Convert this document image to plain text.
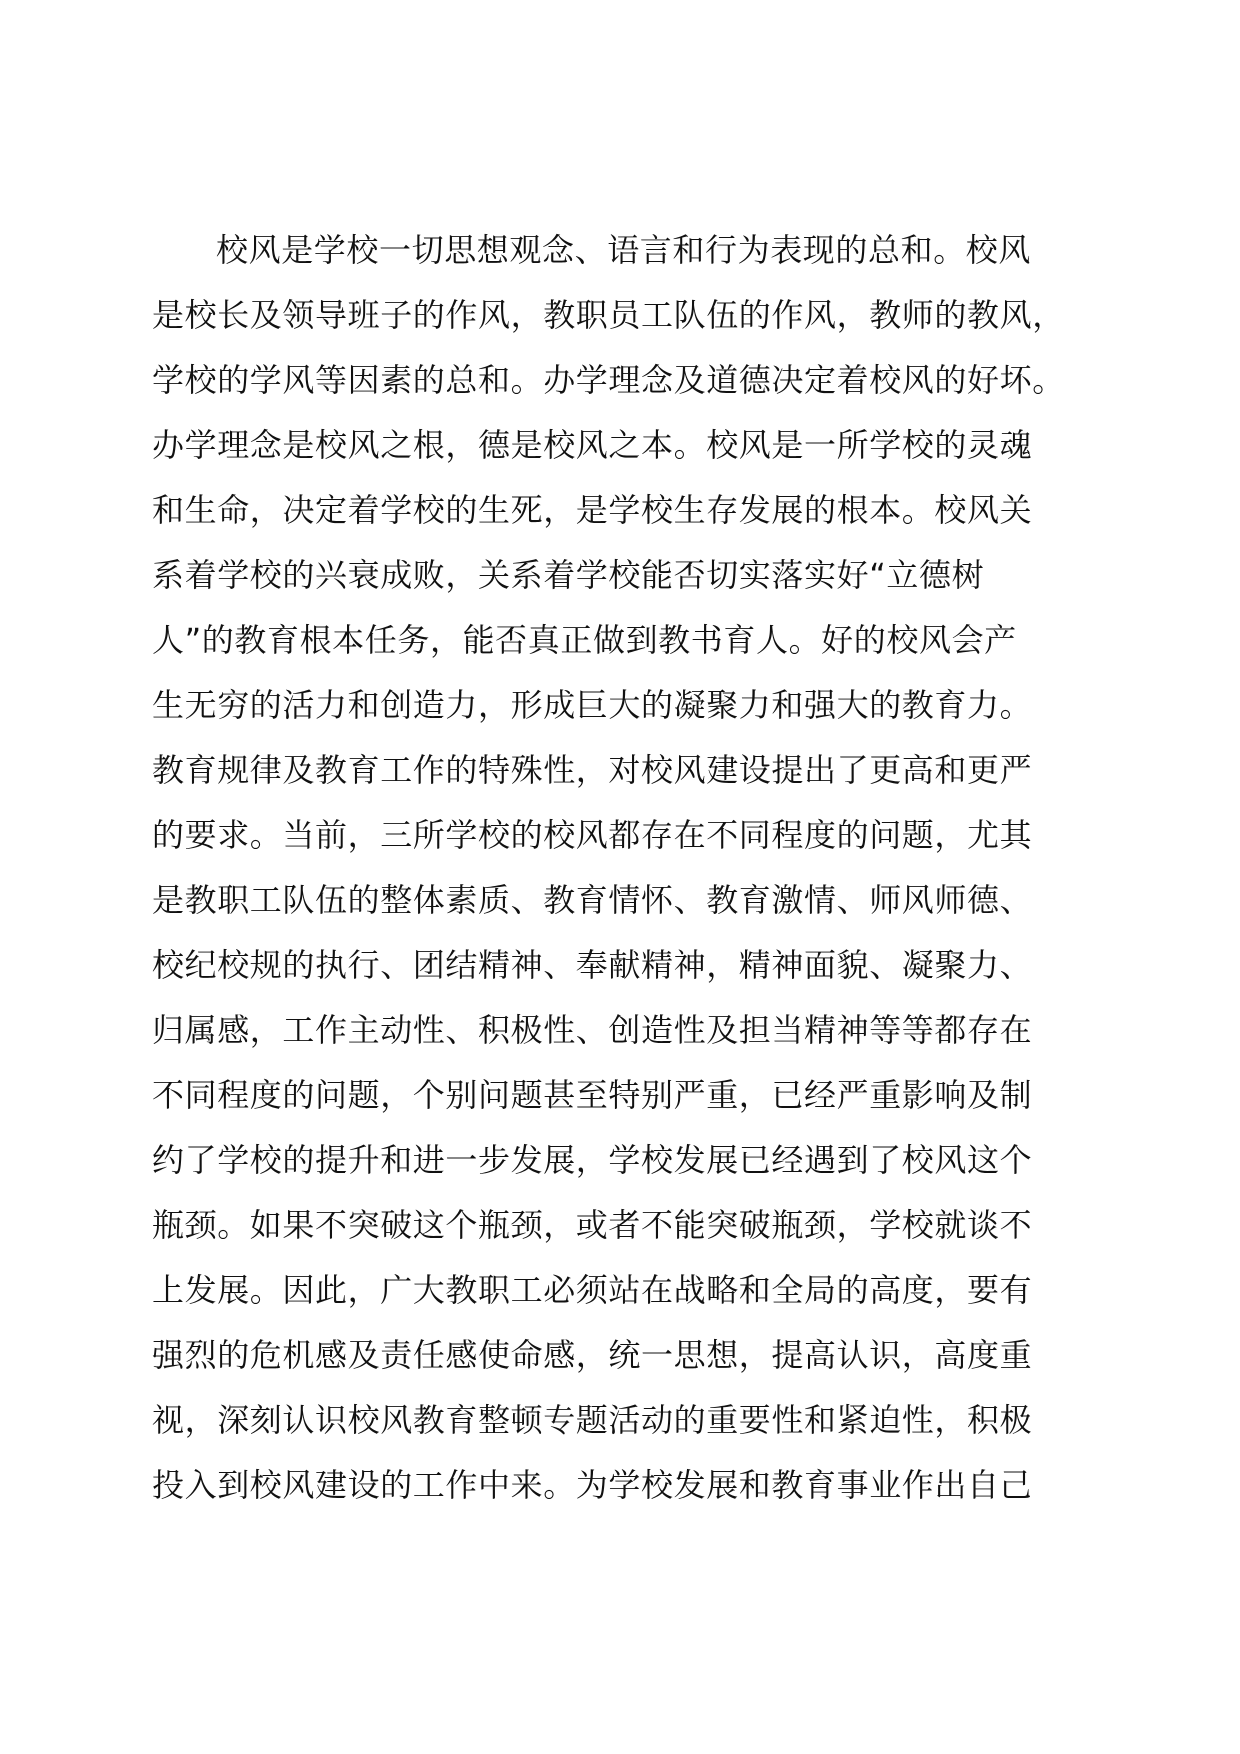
校风是学校一切思想观念、语言和行为表现的总和。校风
是校长及领导班子的作风，教职员工队伍的作风，教师的教风，
学校的学风等因素的总和。办学理念及道德决定着校风的好坏。
办学理念是校风之根，德是校风之本。校风是一所学校的灵魂
和生命，决定着学校的生死，是学校生存发展的根本。校风关
系着学校的兴衰成败，关系着学校能否切实落实好“立德树
人”的教育根本任务，能否真正做到教书育人。好的校风会产
生无穷的活力和创造力，形成巨大的凝聚力和强大的教育力。
教育规律及教育工作的特殊性，对校风建设提出了更高和更严
的要求。当前，三所学校的校风都存在不同程度的问题，尤其
是教职工队伍的整体素质、教育情怀、教育激情、师风师德、
校纪校规的执行、团结精神、奉献精神，精神面貌、凝聚力、
归属感，工作主动性、积极性、创造性及担当精神等等都存在
不同程度的问题，个别问题甚至特别严重，已经严重影响及制
约了学校的提升和进一步发展，学校发展已经遇到了校风这个
瓶颈。如果不突破这个瓶颈，或者不能突破瓶颈，学校就谈不
上发展。因此，广大教职工必须站在战略和全局的高度，要有
强烈的危机感及责任感使命感，统一思想，提高认识，高度重
视，深刻认识校风教育整顿专题活动的重要性和紧迫性，积极
投入到校风建设的工作中来。为学校发展和教育事业作出自己
